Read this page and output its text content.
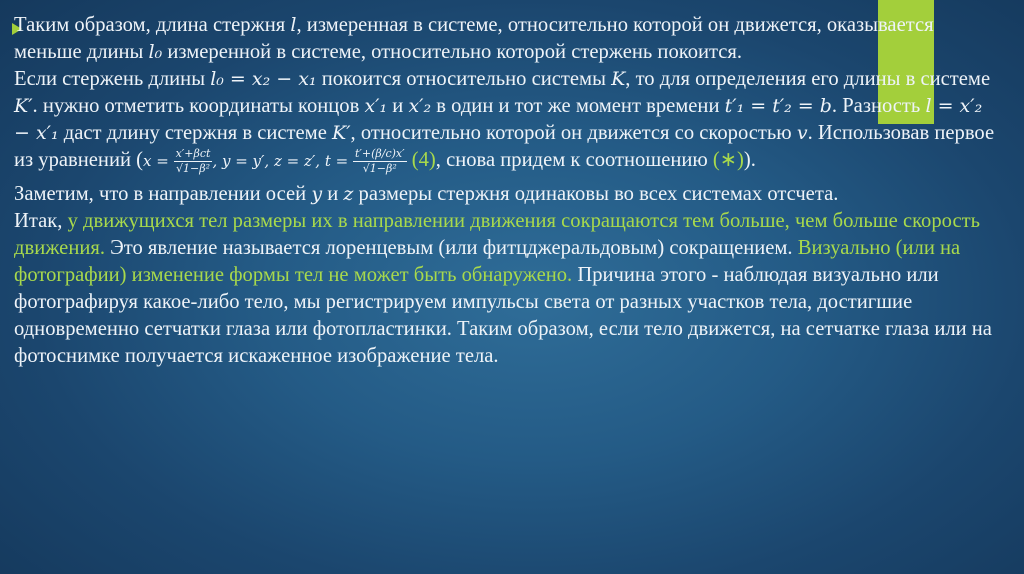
Таким образом, длина стержня l, измеренная в системе, относительно которой он движется, оказывается меньше длины l₀ измеренной в системе, относительно которой стержень покоится.

Если стержень длины l₀ = x₂ − x₁ покоится относительно системы K, то для определения его длины в системе K′. нужно отметить координаты концов x′₁ и x′₂ в один и тот же момент времени t′₁ = t′₂ = b. Разность l = x′₂ − x′₁ даст длину стержня в системе K′, относительно которой он движется со скоростью v. Использовав первое из уравнений ($x = \frac{\text{x′+βct}}{\text{√1−β²}}$ , y = y′, z = z′, $t = \frac{t'+(\beta/c)x'}{\text{√1−β²}} (4)$, снова придем к соотношению (∗)).

Заметим, что в направлении осей y и z размеры стержня одинаковы во всех системах отсчета.

Итак, у движущихся тел размеры их в направлении движения сокращаются тем больше, чем больше скорость движения. Это явление называется лоренцевым (или фитцджеральдовым) сокращением. Визуально (или на фотографии) изменение формы тел не может быть обнаружено. Причина этого - наблюдая визуально или фотографируя какое-либо тело, мы регистрируем импульсы света от разных участков тела, достигшие одновременно сетчатки глаза или фотопластинки. Таким образом, если тело движется, на сетчатке глаза или на фотоснимке получается искаженное изображение тела.
